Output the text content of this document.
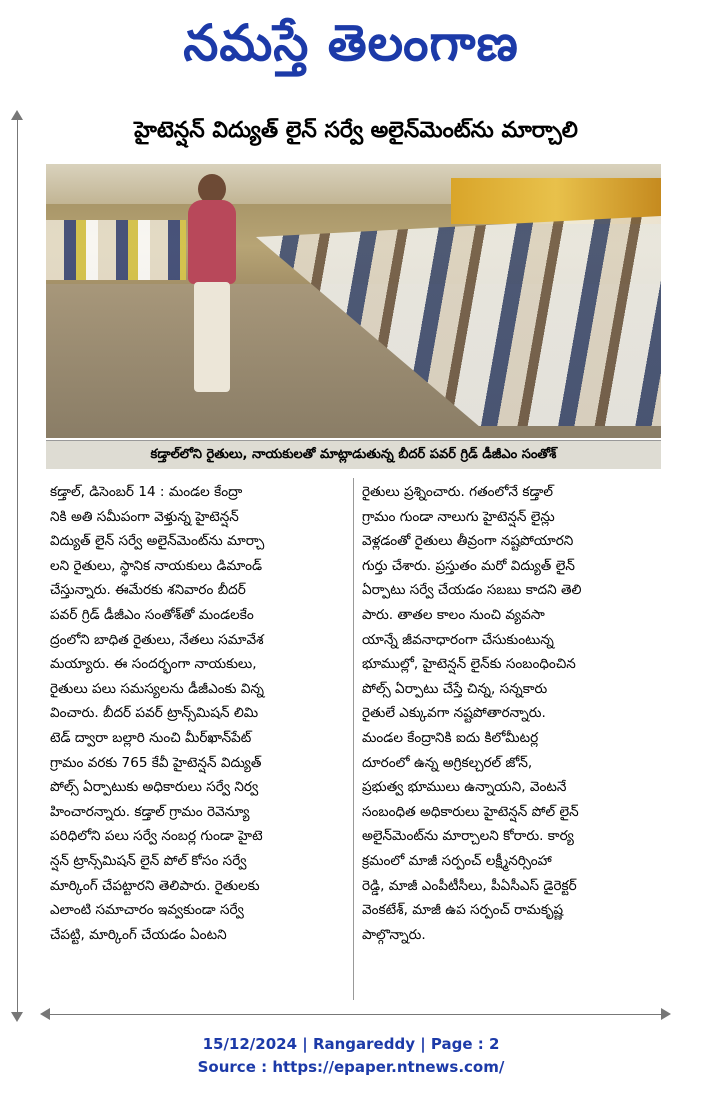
నమస్తే తెలంగాణ
హైటెన్షన్ విద్యుత్ లైన్ సర్వే అలైన్‌మెంట్‌ను మార్చాలి
కడ్తాల్‌లోని రైతులు, నాయకులతో మాట్లాడుతున్న బీదర్ పవర్ గ్రిడ్ డీజీఎం సంతోశ్
కడ్తాల్, డిసెంబర్ 14 : మండల కేంద్రా
నికి అతి సమీపంగా వెళ్తున్న హైటెన్షన్
విద్యుత్ లైన్ సర్వే అలైన్‌మెంట్‌ను మార్చా
లని రైతులు, స్థానిక నాయకులు డిమాండ్
చేస్తున్నారు. ఈమేరకు శనివారం బీదర్
పవర్ గ్రిడ్ డీజీఎం సంతోశ్‌తో మండలకేం
ద్రంలోని బాధిత రైతులు, నేతలు సమావేశ
మయ్యారు. ఈ సందర్భంగా నాయకులు,
రైతులు పలు సమస్యలను డీజీఎంకు విన్న
వించారు. బీదర్ పవర్ ట్రాన్స్‌మిషన్ లిమి
టెడ్ ద్వారా బల్లారి నుంచి మీర్‌ఖాన్‌పేట్
గ్రామం వరకు 765 కేవీ హైటెన్షన్ విద్యుత్
పోల్స్ ఏర్పాటుకు అధికారులు సర్వే నిర్వ
హించారన్నారు. కడ్తాల్ గ్రామం రెవెన్యూ
పరిధిలోని పలు సర్వే నంబర్ల గుండా హైటె
న్షన్ ట్రాన్స్‌మిషన్ లైన్ పోల్ కోసం సర్వే
మార్కింగ్ చేపట్టారని తెలిపారు. రైతులకు
ఎలాంటి సమాచారం ఇవ్వకుండా సర్వే
చేపట్టి, మార్కింగ్ చేయడం ఏంటని
రైతులు ప్రశ్నించారు. గతంలోనే కడ్తాల్
గ్రామం గుండా నాలుగు హైటెన్షన్ లైన్లు
వెళ్లడంతో రైతులు తీవ్రంగా నష్టపోయారని
గుర్తు చేశారు. ప్రస్తుతం మరో విద్యుత్ లైన్
ఏర్పాటు సర్వే చేయడం సబబు కాదని తెలి
పారు. తాతల కాలం నుంచి వ్యవసా
యాన్నే జీవనాధారంగా చేసుకుంటున్న
భూముల్లో, హైటెన్షన్ లైన్‌కు సంబంధించిన
పోల్స్ ఏర్పాటు చేస్తే చిన్న, సన్నకారు
రైతులే ఎక్కువగా నష్టపోతారన్నారు.
మండల కేంద్రానికి ఐదు కిలోమీటర్ల
దూరంలో ఉన్న అగ్రికల్చరల్ జోన్,
ప్రభుత్వ భూములు ఉన్నాయని, వెంటనే
సంబంధిత అధికారులు హైటెన్షన్ పోల్ లైన్
అలైన్‌మెంట్‌ను మార్చాలని కోరారు. కార్య
క్రమంలో మాజీ సర్పంచ్ లక్ష్మీనర్సింహా
రెడ్డి, మాజీ ఎంపీటీసీలు, పీఏసీఎస్ డైరెక్టర్
వెంకటేశ్, మాజీ ఉప సర్పంచ్ రామకృష్ణ
పాల్గొన్నారు.
15/12/2024 | Rangareddy | Page : 2
Source : https://epaper.ntnews.com/
